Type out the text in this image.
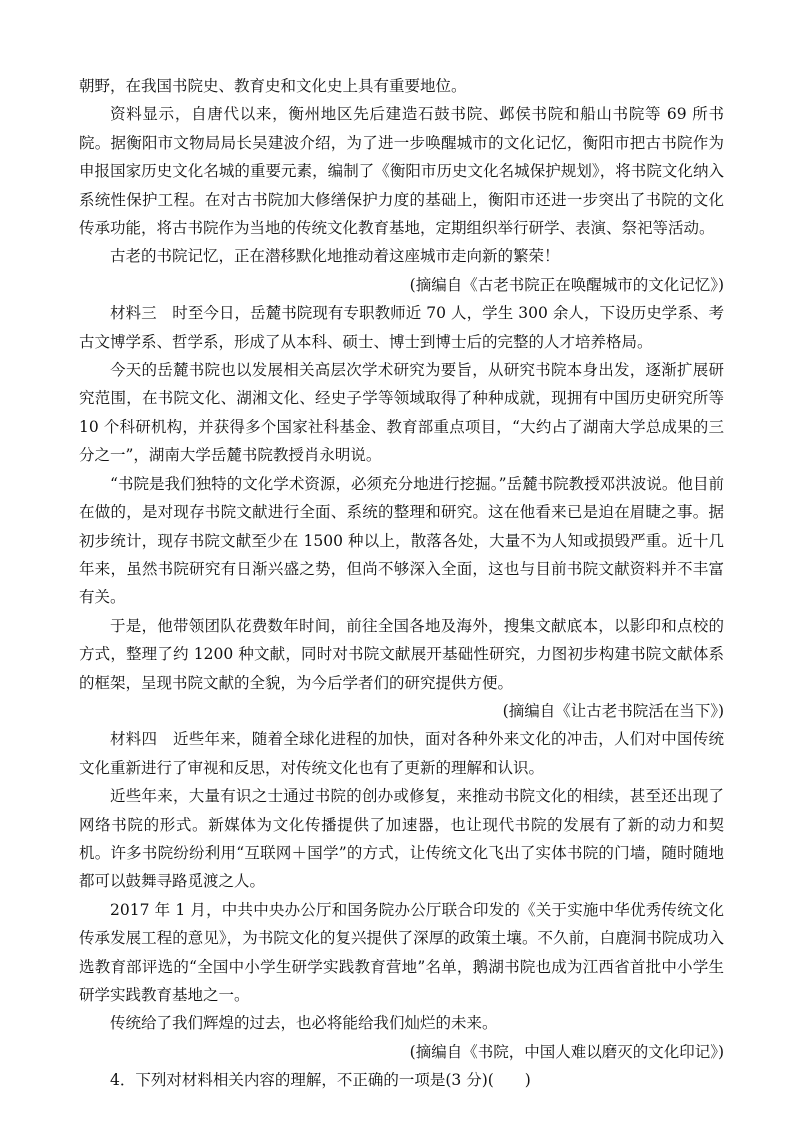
朝野，在我国书院史、教育史和文化史上具有重要地位。

资料显示，自唐代以来，衡州地区先后建造石鼓书院、邺侯书院和船山书院等 69 所书院。据衡阳市文物局局长吴建波介绍，为了进一步唤醒城市的文化记忆，衡阳市把古书院作为申报国家历史文化名城的重要元素，编制了《衡阳市历史文化名城保护规划》，将书院文化纳入系统性保护工程。在对古书院加大修缮保护力度的基础上，衡阳市还进一步突出了书院的文化传承功能，将古书院作为当地的传统文化教育基地，定期组织举行研学、表演、祭祀等活动。

古老的书院记忆，正在潜移默化地推动着这座城市走向新的繁荣！

(摘编自《古老书院正在唤醒城市的文化记忆》)

材料三　时至今日，岳麓书院现有专职教师近 70 人，学生 300 余人，下设历史学系、考古文博学系、哲学系，形成了从本科、硕士、博士到博士后的完整的人才培养格局。

今天的岳麓书院也以发展相关高层次学术研究为要旨，从研究书院本身出发，逐渐扩展研究范围，在书院文化、湖湘文化、经史子学等领域取得了种种成就，现拥有中国历史研究所等 10 个科研机构，并获得多个国家社科基金、教育部重点项目，“大约占了湖南大学总成果的三分之一”，湖南大学岳麓书院教授肖永明说。

“书院是我们独特的文化学术资源，必须充分地进行挖掘。”岳麓书院教授邓洪波说。他目前在做的，是对现存书院文献进行全面、系统的整理和研究。这在他看来已是迫在眉睫之事。据初步统计，现存书院文献至少在 1500 种以上，散落各处，大量不为人知或损毁严重。近十几年来，虽然书院研究有日渐兴盛之势，但尚不够深入全面，这也与目前书院文献资料并不丰富有关。

于是，他带领团队花费数年时间，前往全国各地及海外，搜集文献底本，以影印和点校的方式，整理了约 1200 种文献，同时对书院文献展开基础性研究，力图初步构建书院文献体系的框架，呈现书院文献的全貌，为今后学者们的研究提供方便。

(摘编自《让古老书院活在当下》)

材料四　近些年来，随着全球化进程的加快，面对各种外来文化的冲击，人们对中国传统文化重新进行了审视和反思，对传统文化也有了更新的理解和认识。

近些年来，大量有识之士通过书院的创办或修复，来推动书院文化的相续，甚至还出现了网络书院的形式。新媒体为文化传播提供了加速器，也让现代书院的发展有了新的动力和契机。许多书院纷纷利用“互联网＋国学”的方式，让传统文化飞出了实体书院的门墙，随时随地都可以鼓舞寻路觅渡之人。

2017 年 1 月，中共中央办公厅和国务院办公厅联合印发的《关于实施中华优秀传统文化传承发展工程的意见》，为书院文化的复兴提供了深厚的政策土壤。不久前，白鹿洞书院成功入选教育部评选的“全国中小学生研学实践教育营地”名单，鹅湖书院也成为江西省首批中小学生研学实践教育基地之一。

传统给了我们辉煌的过去，也必将能给我们灿烂的未来。

(摘编自《书院，中国人难以磨灭的文化印记》)

4．下列对材料相关内容的理解，不正确的一项是(3 分)(　　)
